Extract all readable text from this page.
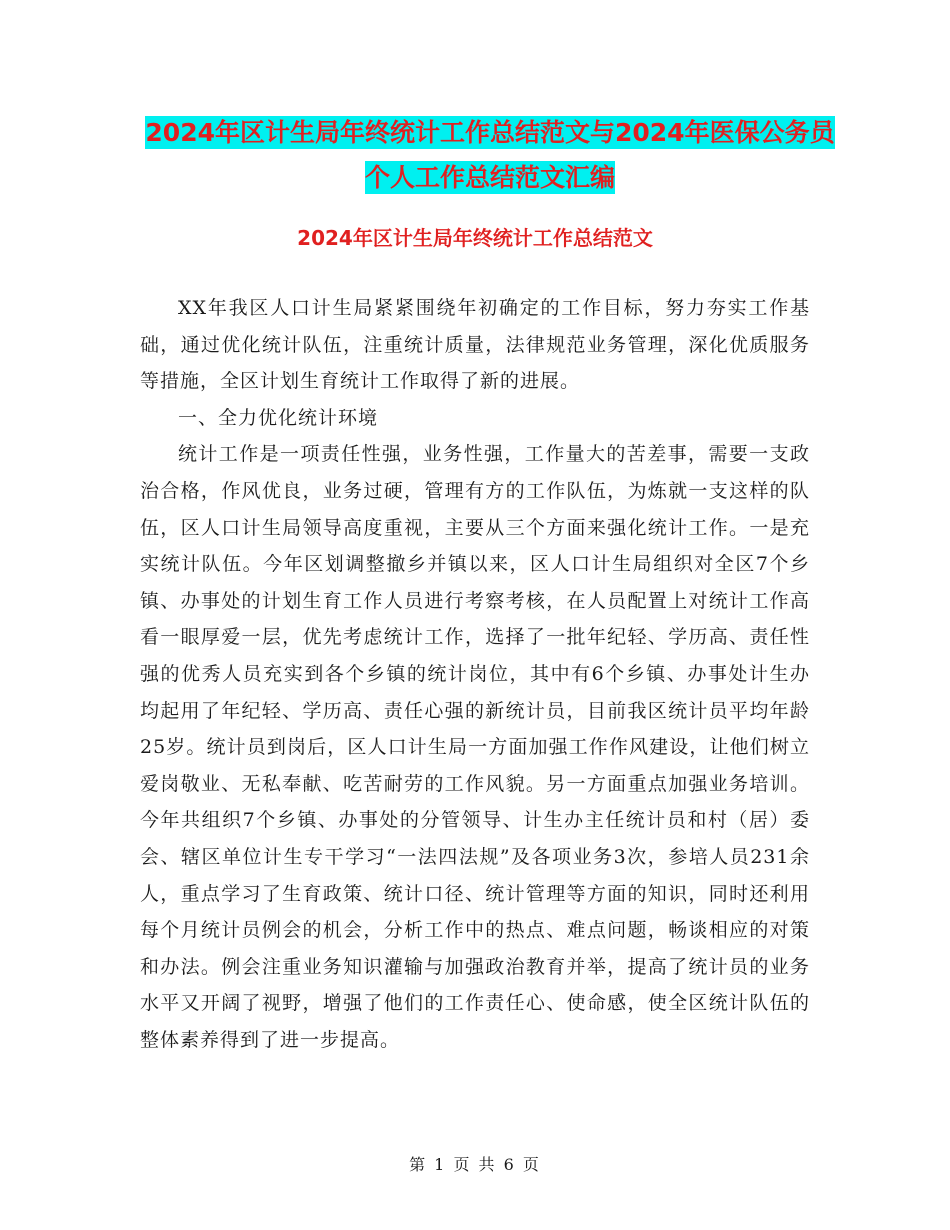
2024年区计生局年终统计工作总结范文与2024年医保公务员个人工作总结范文汇编
2024年区计生局年终统计工作总结范文

XX年我区人口计生局紧紧围绕年初确定的工作目标，努力夯实工作基础，通过优化统计队伍，注重统计质量，法律规范业务管理，深化优质服务等措施，全区计划生育统计工作取得了新的进展。

一、全力优化统计环境

统计工作是一项责任性强，业务性强，工作量大的苦差事，需要一支政治合格，作风优良，业务过硬，管理有方的工作队伍，为炼就一支这样的队伍，区人口计生局领导高度重视，主要从三个方面来强化统计工作。一是充实统计队伍。今年区划调整撤乡并镇以来，区人口计生局组织对全区7个乡镇、办事处的计划生育工作人员进行考察考核，在人员配置上对统计工作高看一眼厚爱一层，优先考虑统计工作，选择了一批年纪轻、学历高、责任性强的优秀人员充实到各个乡镇的统计岗位，其中有6个乡镇、办事处计生办均起用了年纪轻、学历高、责任心强的新统计员，目前我区统计员平均年龄25岁。统计员到岗后，区人口计生局一方面加强工作作风建设，让他们树立爱岗敬业、无私奉献、吃苦耐劳的工作风貌。另一方面重点加强业务培训。今年共组织7个乡镇、办事处的分管领导、计生办主任统计员和村（居）委会、辖区单位计生专干学习“一法四法规”及各项业务3次，参培人员231余人，重点学习了生育政策、统计口径、统计管理等方面的知识，同时还利用每个月统计员例会的机会，分析工作中的热点、难点问题，畅谈相应的对策和办法。例会注重业务知识灌输与加强政治教育并举，提高了统计员的业务水平又开阔了视野，增强了他们的工作责任心、使命感，使全区统计队伍的整体素养得到了进一步提高。

第 1 页 共 6 页
